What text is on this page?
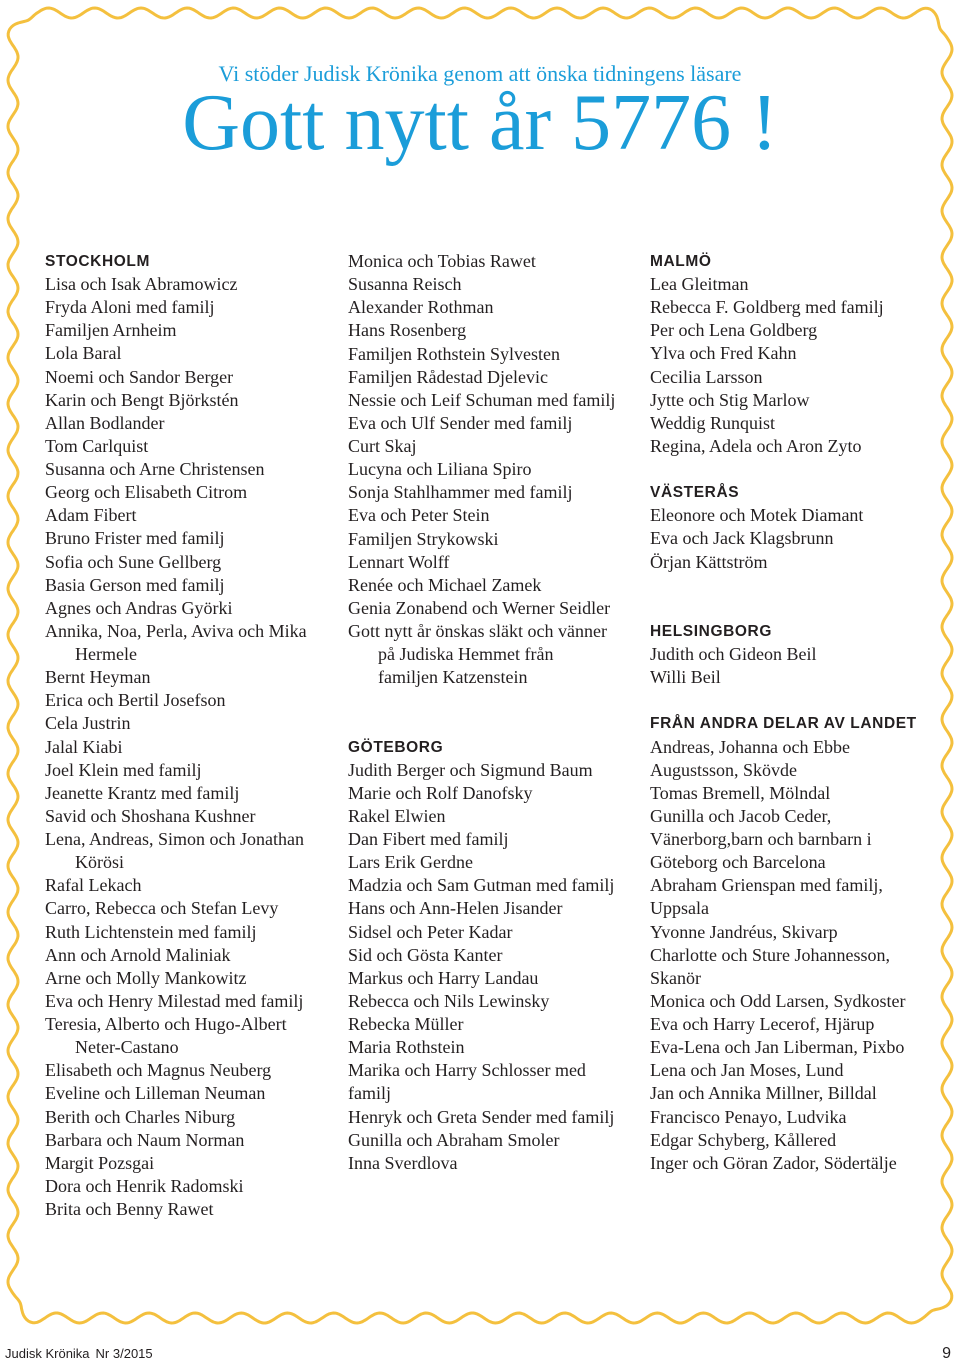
Vi stöder Judisk Krönika genom att önska tidningens läsare
Gott nytt år 5776 !
STOCKHOLM
Lisa och Isak Abramowicz
Fryda Aloni med familj
Familjen Arnheim
Lola Baral
Noemi och Sandor Berger
Karin och Bengt Björkstén
Allan Bodlander
Tom Carlquist
Susanna och Arne Christensen
Georg och Elisabeth Citrom
Adam Fibert
Bruno Frister med familj
Sofia och Sune Gellberg
Basia Gerson med familj
Agnes och Andras Györki
Annika, Noa, Perla, Aviva och Mika
Hermele
Bernt Heyman
Erica och Bertil Josefson
Cela Justrin
Jalal Kiabi
Joel Klein med familj
Jeanette Krantz med familj
Savid och Shoshana Kushner
Lena, Andreas, Simon och Jonathan
Körösi
Rafal Lekach
Carro, Rebecca och Stefan Levy
Ruth Lichtenstein med familj
Ann och Arnold Maliniak
Arne och Molly Mankowitz
Eva och Henry Milestad med familj
Teresia, Alberto och Hugo-Albert
Neter-Castano
Elisabeth och Magnus Neuberg
Eveline och Lilleman Neuman
Berith och Charles Niburg
Barbara och Naum Norman
Margit Pozsgai
Dora och Henrik Radomski
Brita och Benny Rawet
Monica och Tobias Rawet
Susanna Reisch
Alexander Rothman
Hans Rosenberg
Familjen Rothstein Sylvesten
Familjen Rådestad Djelevic
Nessie och Leif Schuman med familj
Eva och Ulf Sender med familj
Curt Skaj
Lucyna och Liliana Spiro
Sonja Stahlhammer med familj
Eva och Peter Stein
Familjen Strykowski
Lennart Wolff
Renée och Michael Zamek
Genia Zonabend och Werner Seidler
Gott nytt år önskas släkt och vänner
på Judiska Hemmet från
familjen Katzenstein
GÖTEBORG
Judith Berger och Sigmund Baum
Marie och Rolf Danofsky
Rakel Elwien
Dan Fibert med familj
Lars Erik Gerdne
Madzia och Sam Gutman med familj
Hans och Ann-Helen Jisander
Sidsel och Peter Kadar
Sid och Gösta Kanter
Markus och Harry Landau
Rebecca och Nils Lewinsky
Rebecka Müller
Maria Rothstein
Marika och Harry Schlosser med
familj
Henryk och Greta Sender med familj
Gunilla och Abraham Smoler
Inna Sverdlova
MALMÖ
Lea Gleitman
Rebecca F. Goldberg med familj
Per och Lena Goldberg
Ylva och Fred Kahn
Cecilia Larsson
Jytte och Stig Marlow
Weddig Runquist
Regina, Adela och Aron Zyto
VÄSTERÅS
Eleonore och Motek Diamant
Eva och Jack Klagsbrunn
Örjan Kättström
HELSINGBORG
Judith och Gideon Beil
Willi Beil
FRÅN ANDRA DELAR AV LANDET
Andreas, Johanna och Ebbe
Augustsson, Skövde
Tomas Bremell, Mölndal
Gunilla och Jacob Ceder,
Vänerborg,barn och barnbarn i
Göteborg och Barcelona
Abraham Grienspan med familj,
Uppsala
Yvonne Jandréus, Skivarp
Charlotte och Sture Johannesson,
Skanör
Monica och Odd Larsen, Sydkoster
Eva och Harry Lecerof, Hjärup
Eva-Lena och Jan Liberman, Pixbo
Lena och Jan Moses, Lund
Jan och Annika Millner, Billdal
Francisco Penayo, Ludvika
Edgar Schyberg, Kållered
Inger och Göran Zador, Södertälje
Judisk Krönika Nr 3/2015	9
